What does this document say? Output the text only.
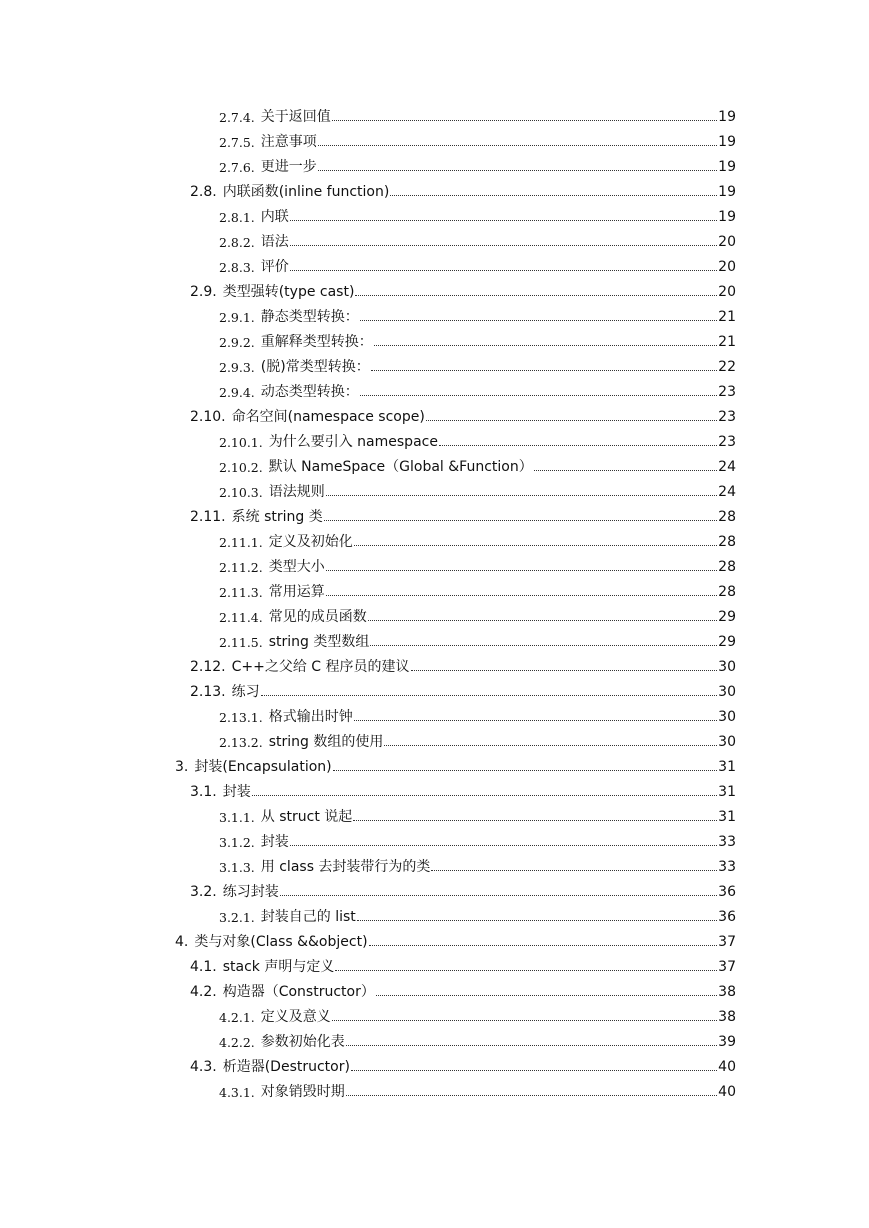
2.7.4. 关于返回值	19
2.7.5. 注意事项	19
2.7.6. 更进一步	19
2.8. 内联函数(inline function)	19
2.8.1. 内联	19
2.8.2. 语法	20
2.8.3. 评价	20
2.9. 类型强转(type cast)	20
2.9.1. 静态类型转换：	21
2.9.2. 重解释类型转换：	21
2.9.3. (脱)常类型转换：	22
2.9.4. 动态类型转换：	23
2.10. 命名空间(namespace scope)	23
2.10.1. 为什么要引入 namespace	23
2.10.2. 默认 NameSpace（Global &Function）	24
2.10.3. 语法规则	24
2.11. 系统 string 类	28
2.11.1. 定义及初始化	28
2.11.2. 类型大小	28
2.11.3. 常用运算	28
2.11.4. 常见的成员函数	29
2.11.5. string 类型数组	29
2.12. C++之父给 C 程序员的建议	30
2.13. 练习	30
2.13.1. 格式输出时钟	30
2.13.2. string 数组的使用	30
3. 封装(Encapsulation)	31
3.1. 封装	31
3.1.1. 从 struct 说起	31
3.1.2. 封装	33
3.1.3. 用 class 去封装带行为的类	33
3.2. 练习封装	36
3.2.1. 封装自己的 list	36
4. 类与对象(Class &&object)	37
4.1. stack 声明与定义	37
4.2. 构造器（Constructor）	38
4.2.1. 定义及意义	38
4.2.2. 参数初始化表	39
4.3. 析造器(Destructor)	40
4.3.1. 对象销毁时期	40
